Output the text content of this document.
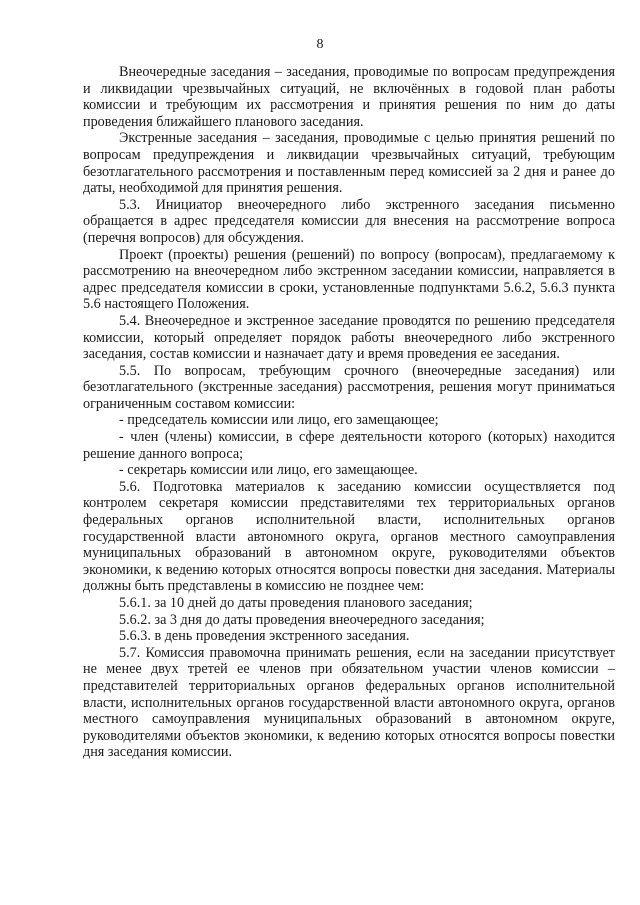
8

Внеочередные заседания – заседания, проводимые по вопросам предупреждения и ликвидации чрезвычайных ситуаций, не включённых в годовой план работы комиссии и требующим их рассмотрения и принятия решения по ним до даты проведения ближайшего планового заседания.

Экстренные заседания – заседания, проводимые с целью принятия решений по вопросам предупреждения и ликвидации чрезвычайных ситуаций, требующим безотлагательного рассмотрения и поставленным перед комиссией за 2 дня и ранее до даты, необходимой для принятия решения.

5.3. Инициатор внеочередного либо экстренного заседания письменно обращается в адрес председателя комиссии для внесения на рассмотрение вопроса (перечня вопросов) для обсуждения.

Проект (проекты) решения (решений) по вопросу (вопросам), предлагаемому к рассмотрению на внеочередном либо экстренном заседании комиссии, направляется в адрес председателя комиссии в сроки, установленные подпунктами 5.6.2, 5.6.3 пункта 5.6 настоящего Положения.

5.4. Внеочередное и экстренное заседание проводятся по решению председателя комиссии, который определяет порядок работы внеочередного либо экстренного заседания, состав комиссии и назначает дату и время проведения ее заседания.

5.5. По вопросам, требующим срочного (внеочередные заседания) или безотлагательного (экстренные заседания) рассмотрения, решения могут приниматься ограниченным составом комиссии:

- председатель комиссии или лицо, его замещающее;

- член (члены) комиссии, в сфере деятельности которого (которых) находится решение данного вопроса;

- секретарь комиссии или лицо, его замещающее.

5.6. Подготовка материалов к заседанию комиссии осуществляется под контролем секретаря комиссии представителями тех территориальных органов федеральных органов исполнительной власти, исполнительных органов государственной власти автономного округа, органов местного самоуправления муниципальных образований в автономном округе, руководителями объектов экономики, к ведению которых относятся вопросы повестки дня заседания. Материалы должны быть представлены в комиссию не позднее чем:

5.6.1. за 10 дней до даты проведения планового заседания;

5.6.2. за 3 дня до даты проведения внеочередного заседания;

5.6.3. в день проведения экстренного заседания.

5.7. Комиссия правомочна принимать решения, если на заседании присутствует не менее двух третей ее членов при обязательном участии членов комиссии – представителей территориальных органов федеральных органов исполнительной власти, исполнительных органов государственной власти автономного округа, органов местного самоуправления муниципальных образований в автономном округе, руководителями объектов экономики, к ведению которых относятся вопросы повестки дня заседания комиссии.
